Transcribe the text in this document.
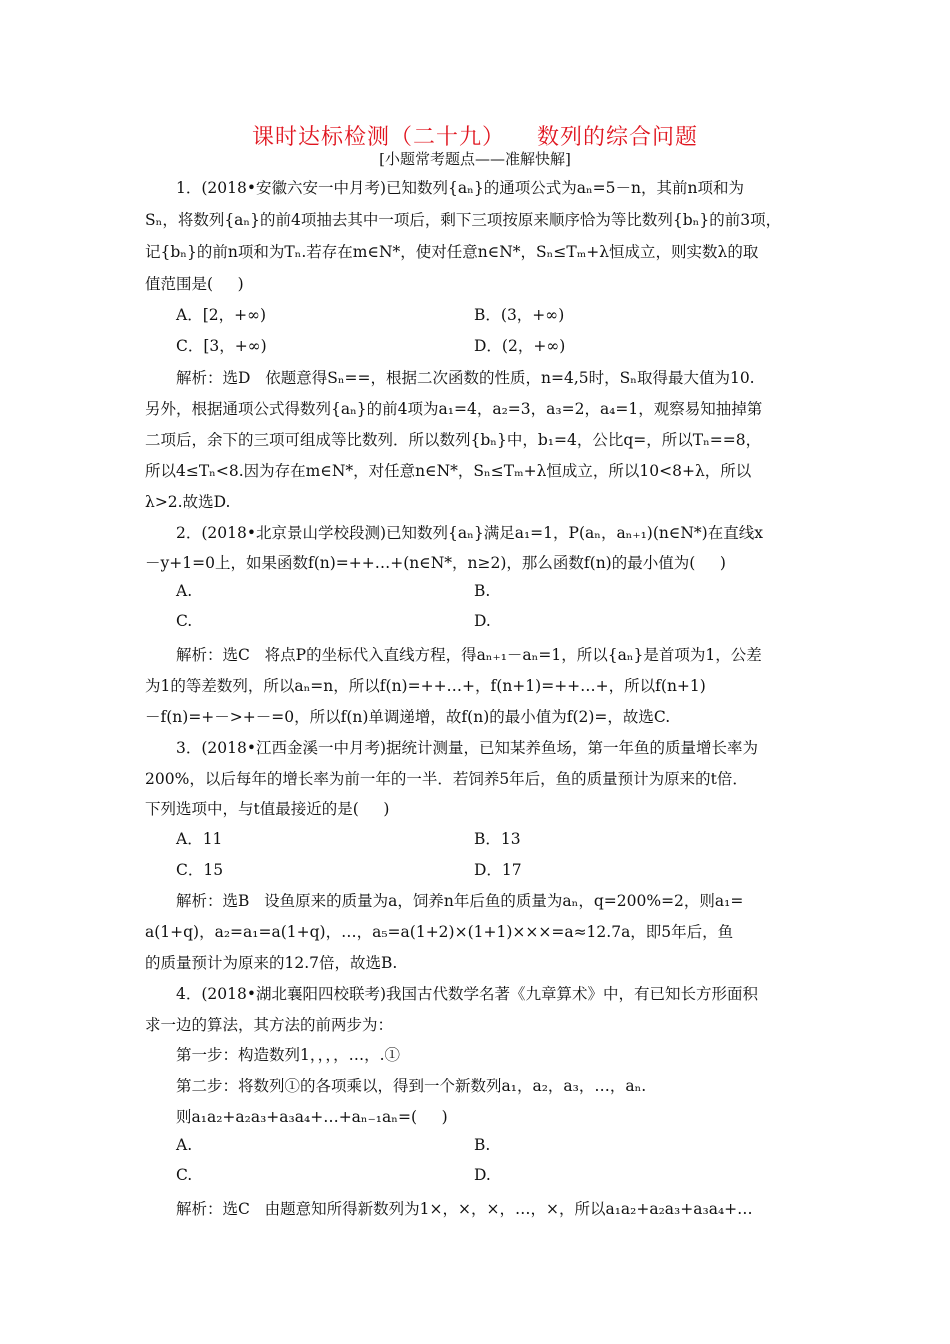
课时达标检测（二十九）    数列的综合问题
[小题常考题点——准解快解]
1．(2018•安徽六安一中月考)已知数列{aₙ}的通项公式为aₙ=5－n，其前n项和为
Sₙ，将数列{aₙ}的前4项抽去其中一项后，剩下三项按原来顺序恰为等比数列{bₙ}的前3项，
记{bₙ}的前n项和为Tₙ.若存在m∈N*，使对任意n∈N*，Sₙ≤Tₘ+λ恒成立，则实数λ的取
值范围是(     )
A．[2，+∞)	B．(3，+∞)
C．[3，+∞)	D．(2，+∞)
解析：选D   依题意得Sₙ==，根据二次函数的性质，n=4,5时，Sₙ取得最大值为10.
另外，根据通项公式得数列{aₙ}的前4项为a₁=4，a₂=3，a₃=2，a₄=1，观察易知抽掉第
二项后，余下的三项可组成等比数列．所以数列{bₙ}中，b₁=4，公比q=，所以Tₙ==8，
所以4≤Tₙ<8.因为存在m∈N*，对任意n∈N*，Sₙ≤Tₘ+λ恒成立，所以10<8+λ，所以
λ>2.故选D.
2．(2018•北京景山学校段测)已知数列{aₙ}满足a₁=1，P(aₙ，aₙ₊₁)(n∈N*)在直线x
－y+1=0上，如果函数f(n)=++…+(n∈N*，n≥2)，那么函数f(n)的最小值为(     )
A.	B.
C.	D.
解析：选C   将点P的坐标代入直线方程，得aₙ₊₁－aₙ=1，所以{aₙ}是首项为1，公差
为1的等差数列，所以aₙ=n，所以f(n)=++…+，f(n+1)=++…+，所以f(n+1)
－f(n)=+－>+－=0，所以f(n)单调递增，故f(n)的最小值为f(2)=，故选C.
3．(2018•江西金溪一中月考)据统计测量，已知某养鱼场，第一年鱼的质量增长率为
200%，以后每年的增长率为前一年的一半．若饲养5年后，鱼的质量预计为原来的t倍．
下列选项中，与t值最接近的是(     )
A．11	B．13
C．15	D．17
解析：选B   设鱼原来的质量为a，饲养n年后鱼的质量为aₙ，q=200%=2，则a₁=
a(1+q)，a₂=a₁=a(1+q)，…，a₅=a(1+2)×(1+1)×××=a≈12.7a，即5年后，鱼
的质量预计为原来的12.7倍，故选B.
4．(2018•湖北襄阳四校联考)我国古代数学名著《九章算术》中，有已知长方形面积
求一边的算法，其方法的前两步为：
第一步：构造数列1，，，，…，.①
第二步：将数列①的各项乘以，得到一个新数列a₁，a₂，a₃，…，aₙ.
则a₁a₂+a₂a₃+a₃a₄+…+aₙ₋₁aₙ=(     )
A.	B.
C.	D.
解析：选C   由题意知所得新数列为1×，×，×，…，×，所以a₁a₂+a₂a₃+a₃a₄+…
